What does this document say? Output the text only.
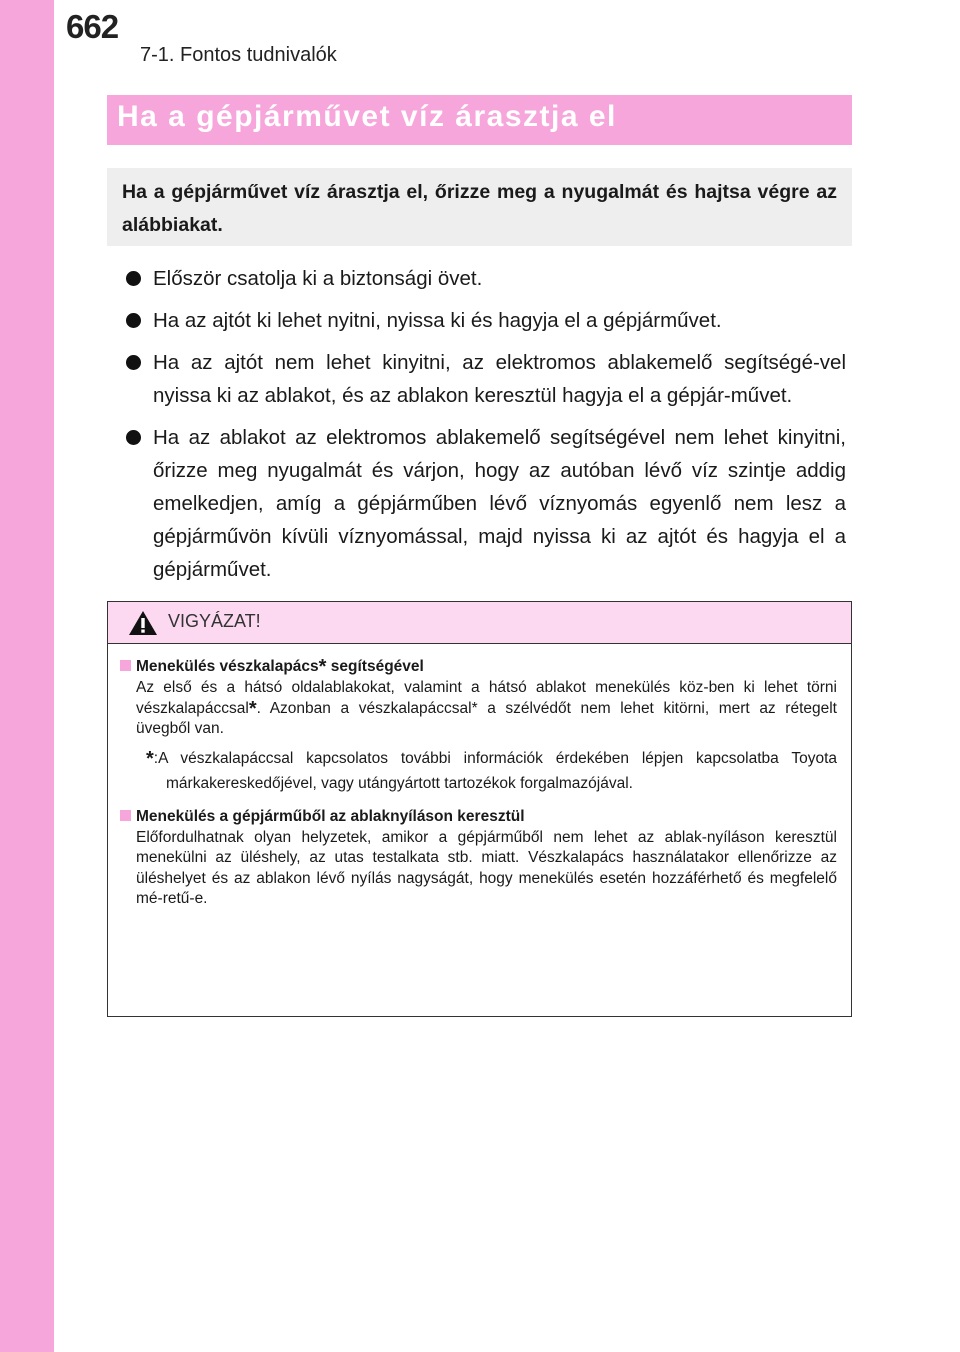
662
7-1. Fontos tudnivalók
Ha a gépjárművet víz árasztja el
Ha a gépjárművet víz árasztja el, őrizze meg a nyugalmát és hajtsa végre az alábbiakat.
Először csatolja ki a biztonsági övet.
Ha az ajtót ki lehet nyitni, nyissa ki és hagyja el a gépjárművet.
Ha az ajtót nem lehet kinyitni, az elektromos ablakemelő segítségé-vel nyissa ki az ablakot, és az ablakon keresztül hagyja el a gépjár-művet.
Ha az ablakot az elektromos ablakemelő segítségével nem lehet kinyitni, őrizze meg nyugalmát és várjon, hogy az autóban lévő víz szintje addig emelkedjen, amíg a gépjárműben lévő víznyomás egyenlő nem lesz a gépjárművön kívüli víznyomással, majd nyissa ki az ajtót és hagyja el a gépjárművet.
VIGYÁZAT!
Menekülés vészkalapács* segítségével
Az első és a hátsó oldalablakokat, valamint a hátsó ablakot menekülés köz-ben ki lehet törni vészkalapáccsal*. Azonban a vészkalapáccsal* a szélvédőt nem lehet kitörni, mert az rétegelt üvegből van.
*:A vészkalapáccsal kapcsolatos további információk érdekében lépjen kapcsolatba Toyota márkakereskedőjével, vagy utángyártott tartozékok forgalmazójával.
Menekülés a gépjárműből az ablaknyíláson keresztül
Előfordulhatnak olyan helyzetek, amikor a gépjárműből nem lehet az ablak-nyíláson keresztül menekülni az üléshely, az utas testalkata stb. miatt. Vészkalapács használatakor ellenőrizze az üléshelyet és az ablakon lévő nyílás nagyságát, hogy menekülés esetén hozzáférhető és megfelelő mé-retű-e.
